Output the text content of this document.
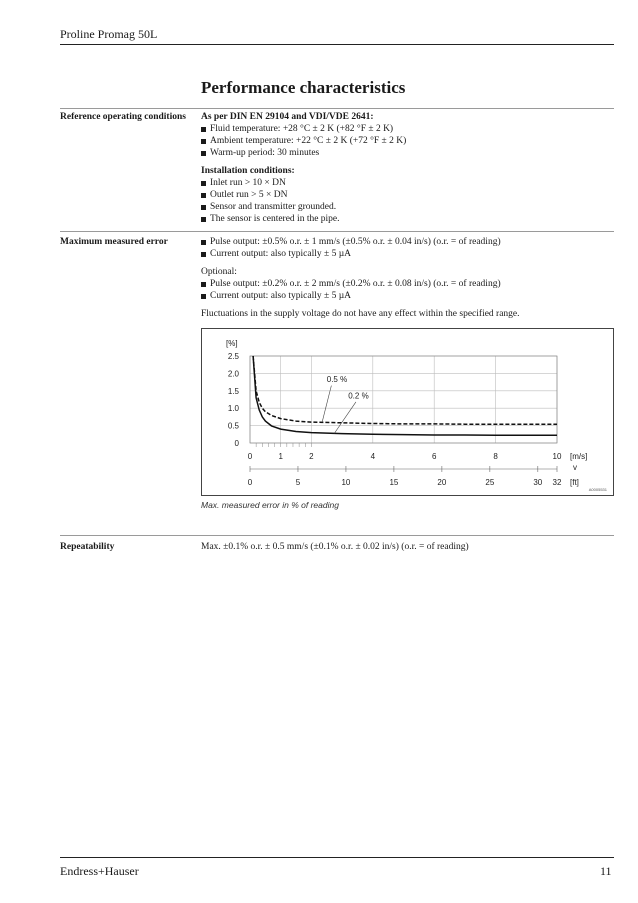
Proline Promag 50L
Performance characteristics
Reference operating conditions	As per DIN EN 29104 and VDI/VDE 2641:
Fluid temperature: +28 °C ± 2 K (+82 °F ± 2 K)
Ambient temperature: +22 °C ± 2 K (+72 °F ± 2 K)
Warm-up period: 30 minutes
Installation conditions:
Inlet run > 10 × DN
Outlet run > 5 × DN
Sensor and transmitter grounded.
The sensor is centered in the pipe.
Maximum measured error	Pulse output: ±0.5% o.r. ± 1 mm/s (±0.5% o.r. ± 0.04 in/s) (o.r. = of reading)
Current output: also typically ± 5 µA
Optional:
Pulse output: ±0.2% o.r. ± 2 mm/s (±0.2% o.r. ± 0.08 in/s) (o.r. = of reading)
Current output: also typically ± 5 µA
Fluctuations in the supply voltage do not have any effect within the specified range.
0
0.5
1.0
1.5
2.0
2.5
[%]
0	1	2	4	6	8	10 [m/s]
v
0	5	10	15	20	25	30 32 [ft]
0.5 %
0.2 %
A0005531
Max. measured error in % of reading
Repeatability	Max. ±0.1% o.r. ± 0.5 mm/s (±0.1% o.r. ± 0.02 in/s) (o.r. = of reading)
Endress+Hauser	11
